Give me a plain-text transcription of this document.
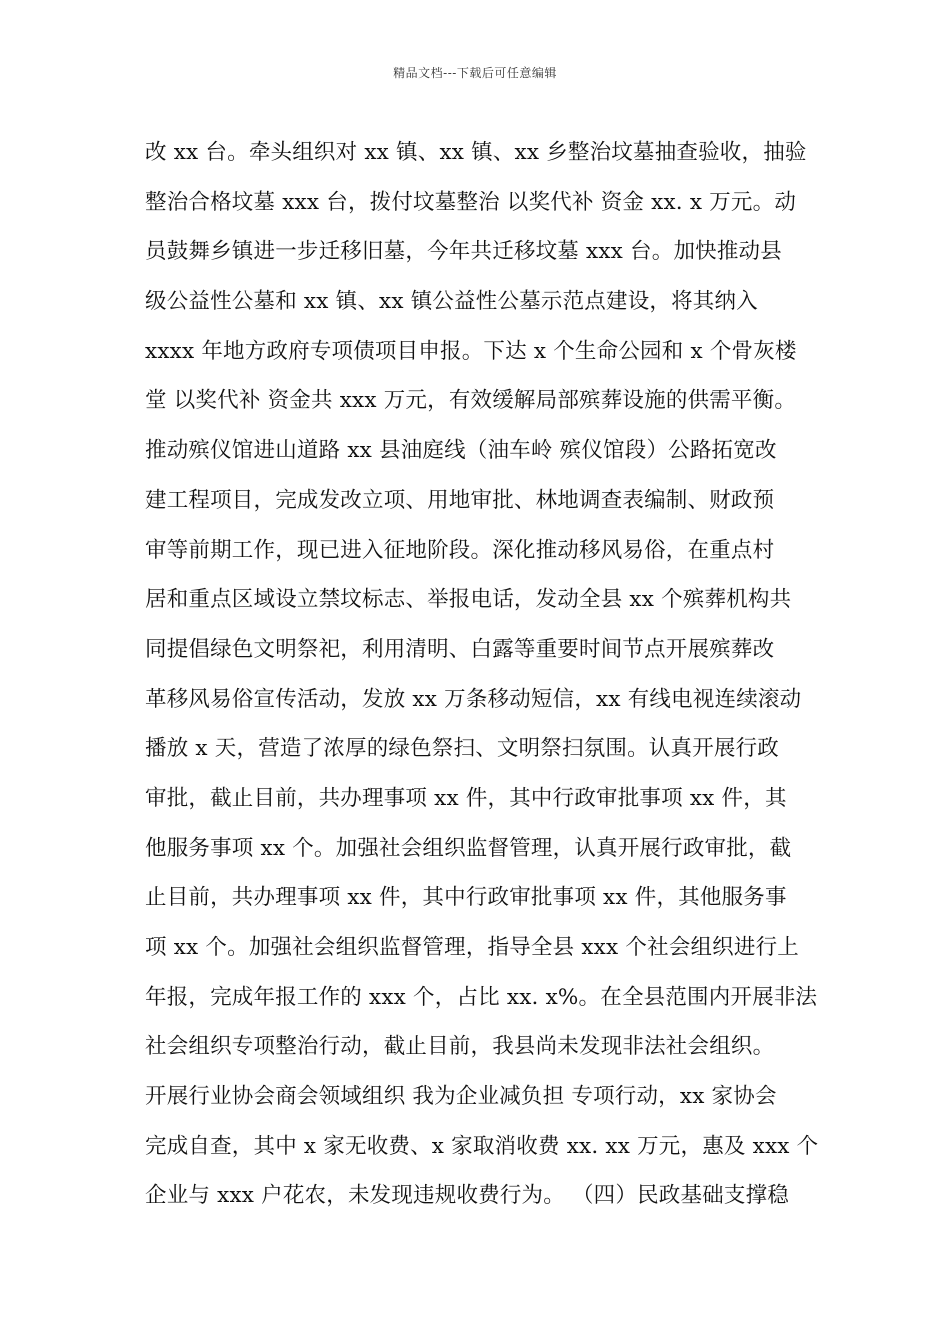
精品文档---下载后可任意编辑
改 xx 台。牵头组织对 xx 镇、xx 镇、xx 乡整治坟墓抽查验收，抽验
整治合格坟墓 xxx 台，拨付坟墓整治 以奖代补 资金 xx. x 万元。动
员鼓舞乡镇进一步迁移旧墓，今年共迁移坟墓 xxx 台。加快推动县
级公益性公墓和 xx 镇、xx 镇公益性公墓示范点建设，将其纳入
xxxx 年地方政府专项债项目申报。下达 x 个生命公园和 x 个骨灰楼
堂 以奖代补 资金共 xxx 万元，有效缓解局部殡葬设施的供需平衡。
推动殡仪馆进山道路 xx 县油庭线（油车岭 殡仪馆段）公路拓宽改
建工程项目，完成发改立项、用地审批、林地调查表编制、财政预
审等前期工作，现已进入征地阶段。深化推动移风易俗，在重点村
居和重点区域设立禁坟标志、举报电话，发动全县 xx 个殡葬机构共
同提倡绿色文明祭祀，利用清明、白露等重要时间节点开展殡葬改
革移风易俗宣传活动，发放 xx 万条移动短信，xx 有线电视连续滚动
播放 x 天，营造了浓厚的绿色祭扫、文明祭扫氛围。认真开展行政
审批，截止目前，共办理事项 xx 件，其中行政审批事项 xx 件，其
他服务事项 xx 个。加强社会组织监督管理，认真开展行政审批，截
止目前，共办理事项 xx 件，其中行政审批事项 xx 件，其他服务事
项 xx 个。加强社会组织监督管理，指导全县 xxx 个社会组织进行上
年报，完成年报工作的 xxx 个，占比 xx. x%。在全县范围内开展非法
社会组织专项整治行动，截止目前，我县尚未发现非法社会组织。
开展行业协会商会领域组织 我为企业减负担 专项行动，xx 家协会
完成自查，其中 x 家无收费、x 家取消收费 xx. xx 万元，惠及 xxx 个
企业与 xxx 户花农，未发现违规收费行为。 （四）民政基础支撑稳
